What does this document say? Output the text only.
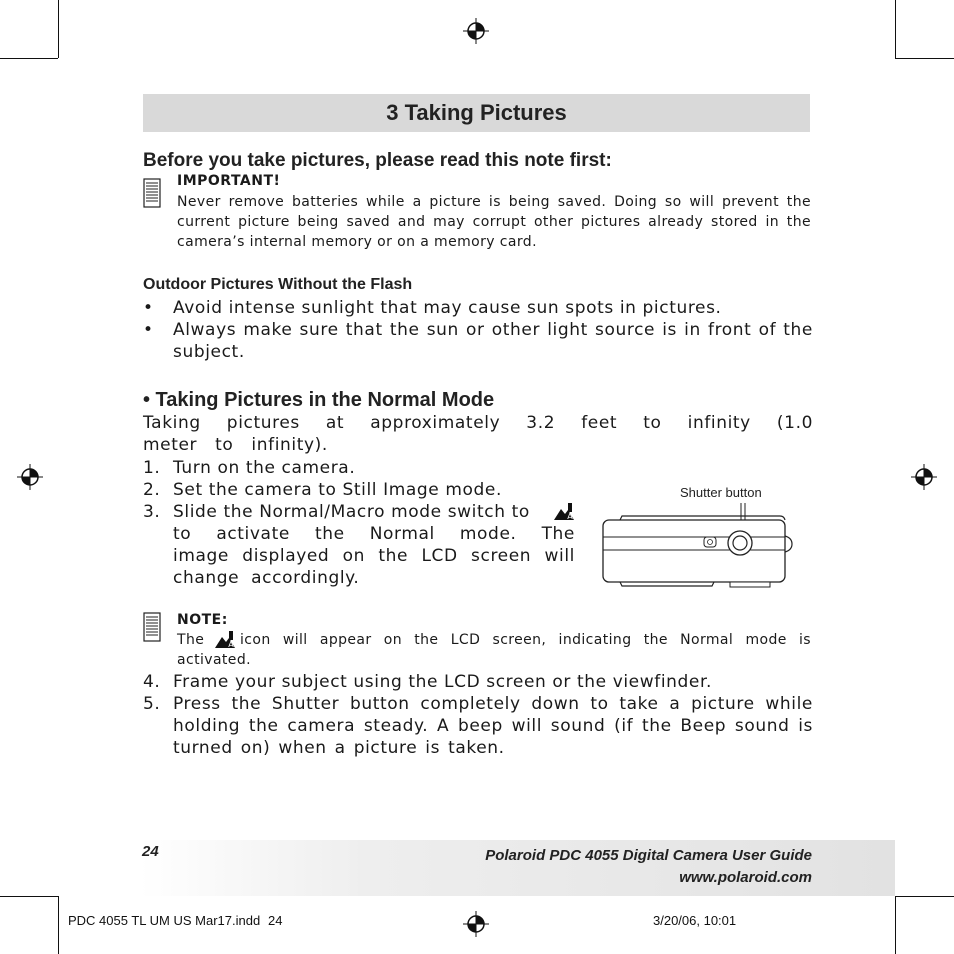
3 Taking Pictures
Before you take pictures, please read this note first:
IMPORTANT!
Never remove batteries while a picture is being saved. Doing so will prevent the current picture being saved and may corrupt other pictures already stored in the camera’s internal memory or on a memory card.
Outdoor Pictures Without the Flash
• Avoid intense sunlight that may cause sun spots in pictures.
• Always make sure that the sun or other light source is in front of the subject.
• Taking Pictures in the Normal Mode
Taking pictures at approximately 3.2 feet to infinity (1.0 meter to infinity).
1. Turn on the camera.
2. Set the camera to Still Image mode.
3. Slide the Normal/Macro mode switch to	A
to activate the Normal mode. The image displayed on the LCD screen will change accordingly.
Shutter button
NOTE:
The	A icon will appear on the LCD screen, indicating the Normal mode is activated.
4. Frame your subject using the LCD screen or the viewfinder.
5. Press the Shutter button completely down to take a picture while holding the camera steady. A beep will sound (if the Beep sound is turned on) when a picture is taken.
24	Polaroid PDC 4055 Digital Camera User Guide
www.polaroid.com
PDC 4055 TL UM US Mar17.indd 24	3/20/06, 10:01
